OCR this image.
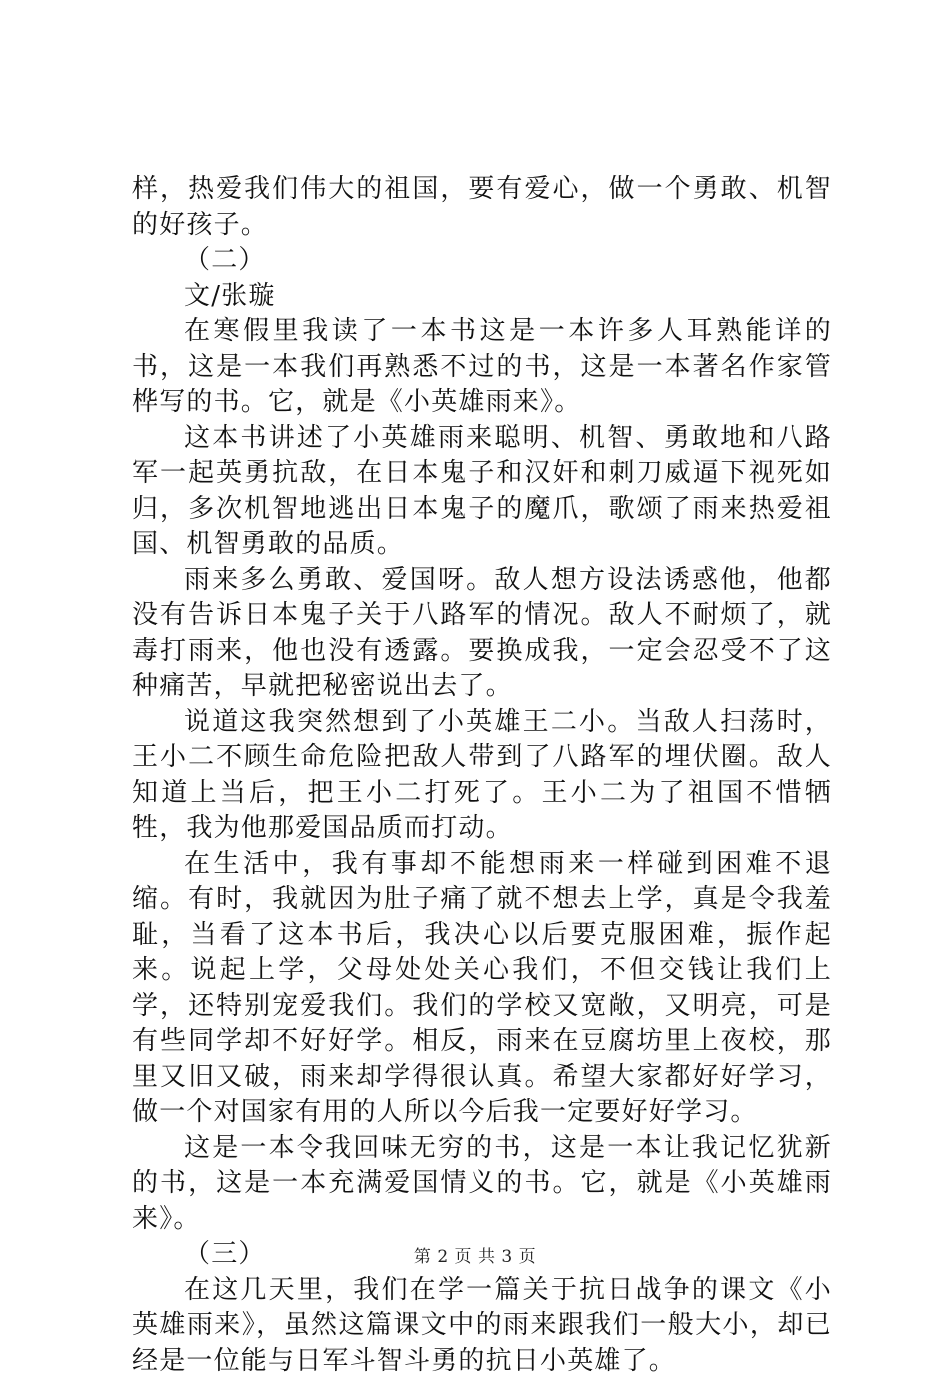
样，热爱我们伟大的祖国，要有爱心，做一个勇敢、机智的好孩子。

（二）

文/张璇

在寒假里我读了一本书这是一本许多人耳熟能详的书，这是一本我们再熟悉不过的书，这是一本著名作家管桦写的书。它，就是《小英雄雨来》。

这本书讲述了小英雄雨来聪明、机智、勇敢地和八路军一起英勇抗敌，在日本鬼子和汉奸和刺刀威逼下视死如归，多次机智地逃出日本鬼子的魔爪，歌颂了雨来热爱祖国、机智勇敢的品质。

雨来多么勇敢、爱国呀。敌人想方设法诱惑他，他都没有告诉日本鬼子关于八路军的情况。敌人不耐烦了，就毒打雨来，他也没有透露。要换成我，一定会忍受不了这种痛苦，早就把秘密说出去了。

说道这我突然想到了小英雄王二小。当敌人扫荡时，王小二不顾生命危险把敌人带到了八路军的埋伏圈。敌人知道上当后，把王小二打死了。王小二为了祖国不惜牺牲，我为他那爱国品质而打动。

在生活中，我有事却不能想雨来一样碰到困难不退缩。有时，我就因为肚子痛了就不想去上学，真是令我羞耻，当看了这本书后，我决心以后要克服困难，振作起来。说起上学，父母处处关心我们，不但交钱让我们上学，还特别宠爱我们。我们的学校又宽敞，又明亮，可是有些同学却不好好学。相反，雨来在豆腐坊里上夜校，那里又旧又破，雨来却学得很认真。希望大家都好好学习，做一个对国家有用的人所以今后我一定要好好学习。

这是一本令我回味无穷的书，这是一本让我记忆犹新的书，这是一本充满爱国情义的书。它，就是《小英雄雨来》。

（三）

在这几天里，我们在学一篇关于抗日战争的课文《小英雄雨来》，虽然这篇课文中的雨来跟我们一般大小，却已经是一位能与日军斗智斗勇的抗日小英雄了。

第 2 页 共 3 页
